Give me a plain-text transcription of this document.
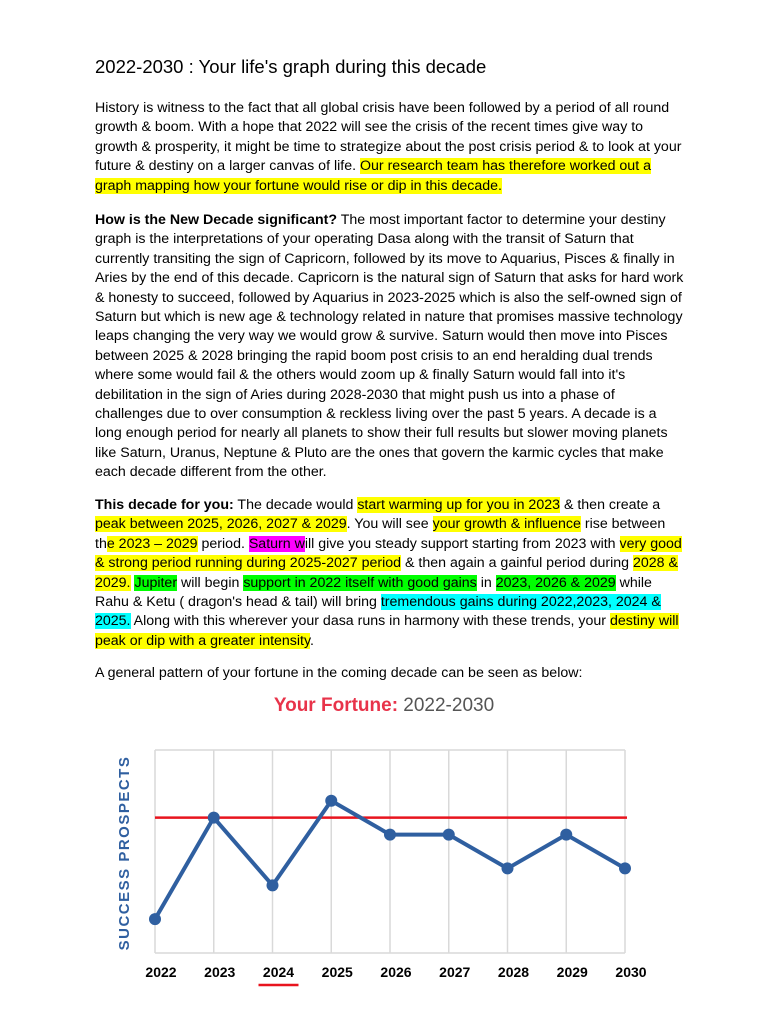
2022-2030 : Your life's graph during this decade
History is witness to the fact that all global crisis have been followed by a period of all round growth & boom. With a hope that 2022 will see the crisis of the recent times give way to growth & prosperity, it might be time to strategize about the post crisis period & to look at your future & destiny on a larger canvas of life. Our research team has therefore worked out a graph mapping how your fortune would rise or dip in this decade.
How is the New Decade significant? The most important factor to determine your destiny graph is the interpretations of your operating Dasa along with the transit of Saturn that currently transiting the sign of Capricorn, followed by its move to Aquarius, Pisces & finally in Aries by the end of this decade. Capricorn is the natural sign of Saturn that asks for hard work & honesty to succeed, followed by Aquarius in 2023-2025 which is also the self-owned sign of Saturn but which is new age & technology related in nature that promises massive technology leaps changing the very way we would grow & survive. Saturn would then move into Pisces between 2025 & 2028 bringing the rapid boom post crisis to an end heralding dual trends where some would fail & the others would zoom up & finally Saturn would fall into it's debilitation in the sign of Aries during 2028-2030 that might push us into a phase of challenges due to over consumption & reckless living over the past 5 years. A decade is a long enough period for nearly all planets to show their full results but slower moving planets like Saturn, Uranus, Neptune & Pluto are the ones that govern the karmic cycles that make each decade different from the other.
This decade for you: The decade would start warming up for you in 2023 & then create a peak between 2025, 2026, 2027 & 2029. You will see your growth & influence rise between the 2023 – 2029 period. Saturn will give you steady support starting from 2023 with very good & strong period running during 2025-2027 period & then again a gainful period during 2028 & 2029. Jupiter will begin support in 2022 itself with good gains in 2023, 2026 & 2029 while Rahu & Ketu ( dragon's head & tail) will bring tremendous gains during 2022,2023, 2024 & 2025. Along with this wherever your dasa runs in harmony with these trends, your destiny will peak or dip with a greater intensity.
A general pattern of your fortune in the coming decade can be seen as below:
Your Fortune: 2022-2030
2022 2023 2024 2025 2026 2027 2028 2029 2030
SUCCESS PROSPECTS
